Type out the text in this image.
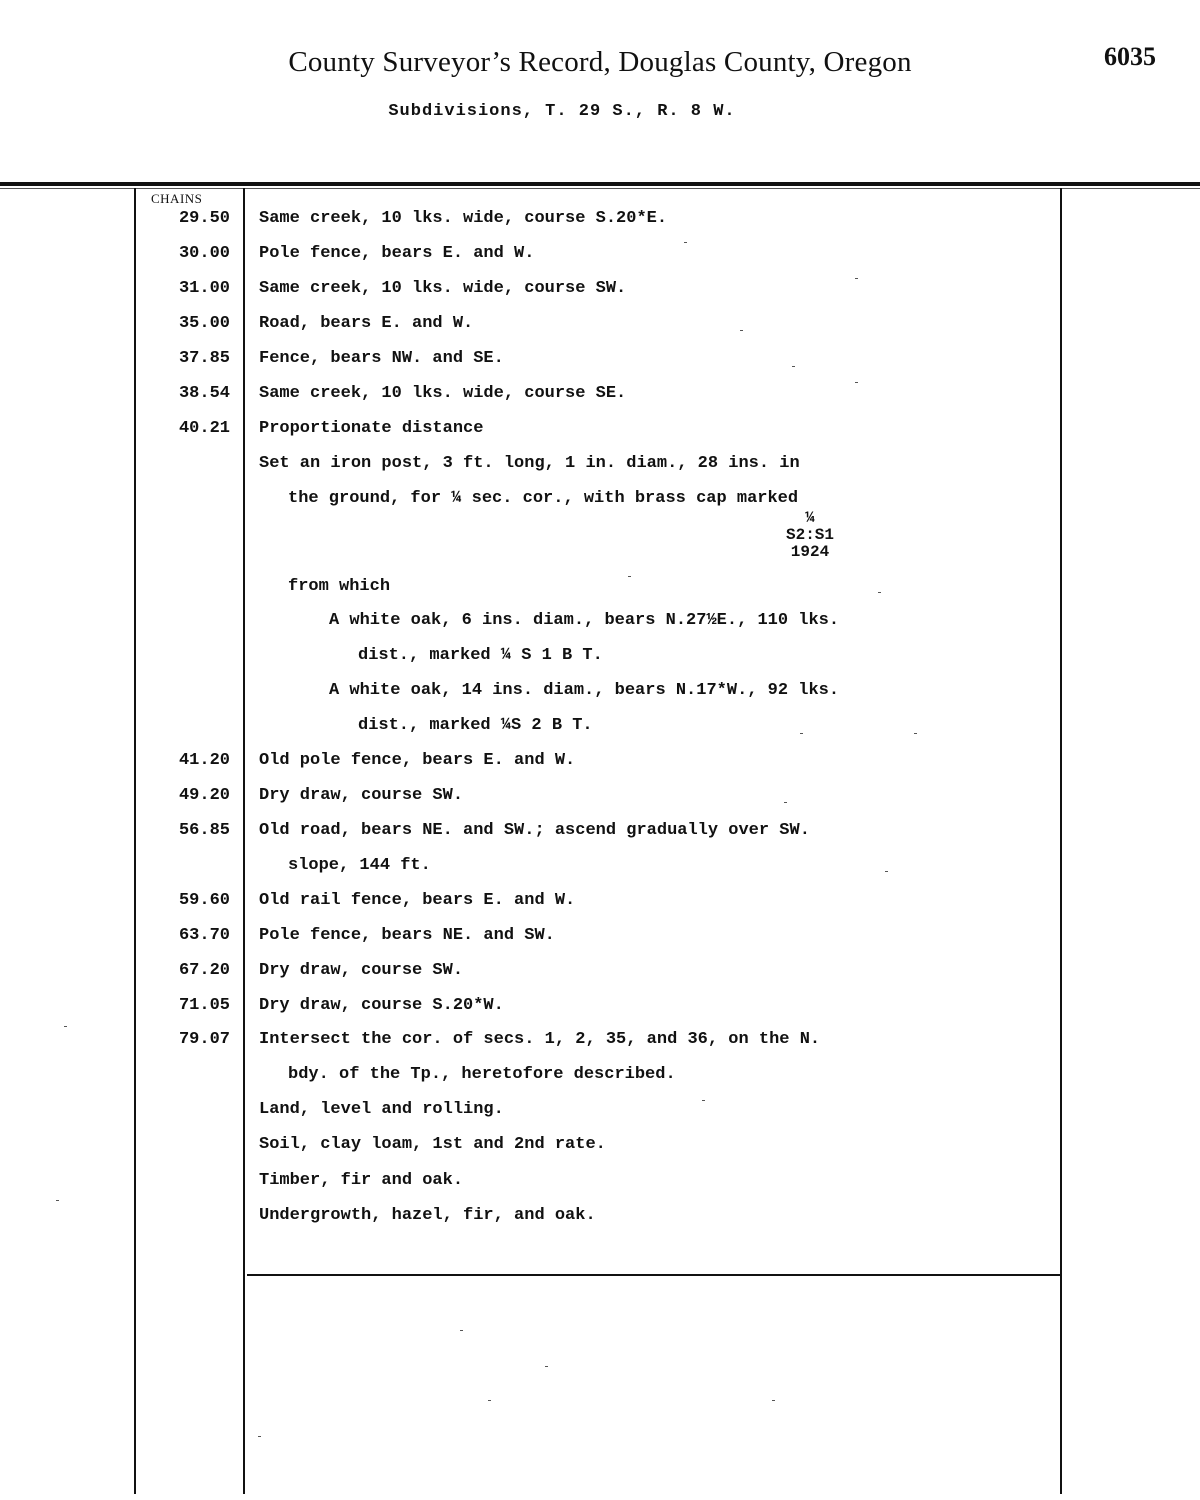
County Surveyor’s Record, Douglas County, Oregon	6035
Subdivisions, T. 29 S., R. 8 W.
CHAINS
29.50 Same creek, 10 lks. wide, course S.20*E.
30.00 Pole fence, bears E. and W.
31.00 Same creek, 10 lks. wide, course SW.
35.00 Road, bears E. and W.
37.85 Fence, bears NW. and SE.
38.54 Same creek, 10 lks. wide, course SE.
40.21 Proportionate distance
Set an iron post, 3 ft. long, 1 in. diam., 28 ins. in
the ground, for ¼ sec. cor., with brass cap marked
from which
A white oak, 6 ins. diam., bears N.27½E., 110 lks.
dist., marked ¼ S 1 B T.
A white oak, 14 ins. diam., bears N.17*W., 92 lks.
dist., marked ¼S 2 B T.
41.20 Old pole fence, bears E. and W.
49.20 Dry draw, course SW.
56.85 Old road, bears NE. and SW.; ascend gradually over SW.
slope, 144 ft.
59.60 Old rail fence, bears E. and W.
63.70 Pole fence, bears NE. and SW.
67.20 Dry draw, course SW.
71.05 Dry draw, course S.20*W.
79.07 Intersect the cor. of secs. 1, 2, 35, and 36, on the N.
bdy. of the Tp., heretofore described.
Land, level and rolling.
Soil, clay loam, 1st and 2nd rate.
Timber, fir and oak.
Undergrowth, hazel, fir, and oak.
¼
S2:S1
1924
